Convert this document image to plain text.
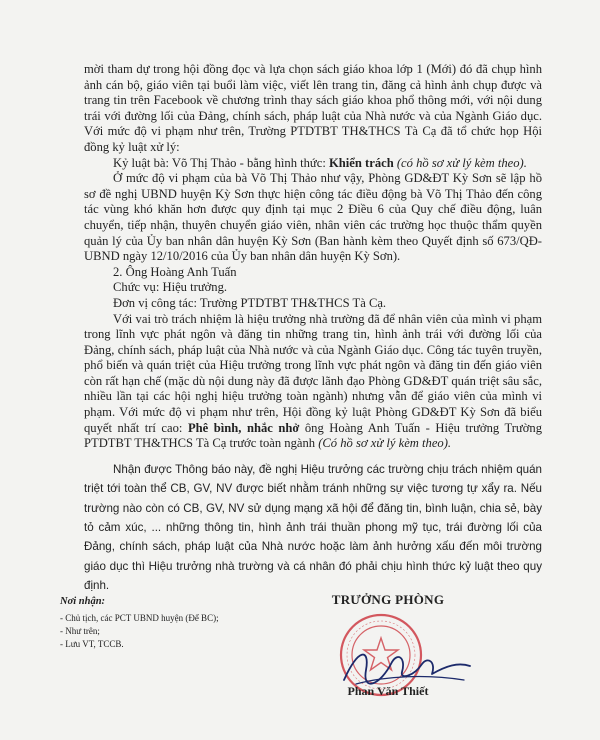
mời tham dự trong hội đồng đọc và lựa chọn sách giáo khoa lớp 1 (Mới) đó đã chụp hình ảnh cán bộ, giáo viên tại buổi làm việc, viết lên trang tin, đăng cả hình ảnh chụp được và trang tin trên Facebook về chương trình thay sách giáo khoa phổ thông mới, với nội dung trái với đường lối của Đảng, chính sách, pháp luật của Nhà nước và của Ngành Giáo dục. Với mức độ vi phạm như trên, Trường PTDTBT TH&THCS Tà Cạ đã tổ chức họp Hội đồng kỷ luật xử lý:

Kỷ luật bà: Võ Thị Thảo - bằng hình thức: Khiển trách (có hồ sơ xử lý kèm theo).

Ở mức độ vi phạm của bà Võ Thị Thảo như vậy, Phòng GD&ĐT Kỳ Sơn sẽ lập hồ sơ đề nghị UBND huyện Kỳ Sơn thực hiện công tác điều động bà Võ Thị Thảo đến công tác vùng khó khăn hơn được quy định tại mục 2 Điều 6 của Quy chế điều động, luân chuyển, tiếp nhận, thuyên chuyển giáo viên, nhân viên các trường học thuộc thẩm quyền quản lý của Ủy ban nhân dân huyện Kỳ Sơn (Ban hành kèm theo Quyết định số 673/QĐ-UBND ngày 12/10/2016 của Ủy ban nhân dân huyện Kỳ Sơn).

2. Ông Hoàng Anh Tuấn

Chức vụ: Hiệu trưởng.

Đơn vị công tác: Trường PTDTBT TH&THCS Tà Cạ.

Với vai trò trách nhiệm là hiệu trưởng nhà trường đã để nhân viên của mình vi phạm trong lĩnh vực phát ngôn và đăng tin những trang tin, hình ảnh trái với đường lối của Đảng, chính sách, pháp luật của Nhà nước và của Ngành Giáo dục. Công tác tuyên truyền, phổ biến và quán triệt của Hiệu trưởng trong lĩnh vực phát ngôn và đăng tin đến giáo viên còn rất hạn chế (mặc dù nội dung này đã được lãnh đạo Phòng GD&ĐT quán triệt sâu sắc, nhiều lần tại các hội nghị hiệu trưởng toàn ngành) nhưng vẫn để giáo viên của mình vi phạm. Với mức độ vi phạm như trên, Hội đồng kỷ luật Phòng GD&ĐT Kỳ Sơn đã biểu quyết nhất trí cao: Phê bình, nhắc nhở ông Hoàng Anh Tuấn - Hiệu trưởng Trường PTDTBT TH&THCS Tà Cạ trước toàn ngành (Có hồ sơ xử lý kèm theo).

Nhận được Thông báo này, đề nghị Hiệu trưởng các trường chịu trách nhiệm quán triệt tới toàn thể CB, GV, NV được biết nhằm tránh những sự việc tương tự xẩy ra. Nếu trường nào còn có CB, GV, NV sử dụng mạng xã hội để đăng tin, bình luận, chia sẻ, bày tỏ cảm xúc, ... những thông tin, hình ảnh trái thuần phong mỹ tục, trái đường lối của Đảng, chính sách, pháp luật của Nhà nước hoặc làm ảnh hưởng xấu đến môi trường giáo dục thì Hiệu trưởng nhà trường và cá nhân đó phải chịu hình thức kỷ luật theo quy định.

Nơi nhận:
- Chủ tịch, các PCT UBND huyện (Để BC);
- Như trên;
- Lưu VT, TCCB.
TRƯỞNG PHÒNG
Phan Văn Thiết
